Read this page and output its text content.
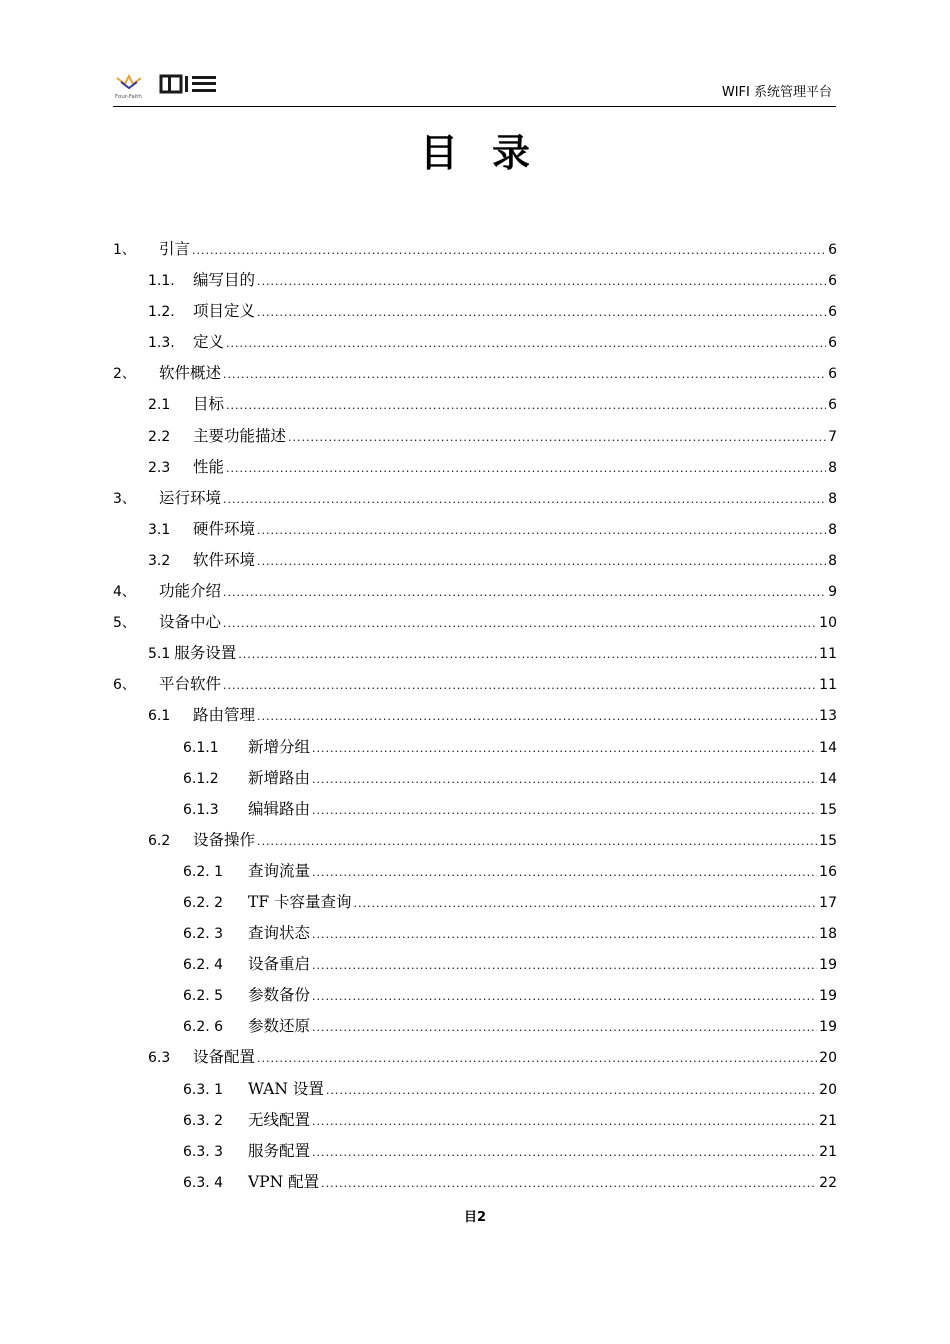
Four-Faith	WIFI 系统管理平台
目录
1、	引言 .....	6
1.1.	编写目的 .....	6
1.2.	项目定义 .....	6
1.3.	定义 .....	6
2、	软件概述 .....	6
2.1	目标 .....	6
2.2	主要功能描述 .....	7
2.3	性能 .....	8
3、	运行环境 .....	8
3.1	硬件环境 .....	8
3.2	软件环境 .....	8
4、	功能介绍 .....	9
5、	设备中心 .....	10
5.1 服务设置 .....	11
6、	平台软件 .....	11
6.1	路由管理 .....	13
6.1.1	新增分组 .....	14
6.1.2	新增路由 .....	14
6.1.3	编辑路由 .....	15
6.2	设备操作 .....	15
6.2. 1	查询流量 .....	16
6.2. 2	TF 卡容量查询 .....	17
6.2. 3	查询状态 .....	18
6.2. 4	设备重启 .....	19
6.2. 5	参数备份 .....	19
6.2. 6	参数还原 .....	19
6.3	设备配置 .....	20
6.3. 1	WAN 设置 .....	20
6.3. 2	无线配置 .....	21
6.3. 3	服务配置 .....	21
6.3. 4	VPN 配置 .....	22
目2
